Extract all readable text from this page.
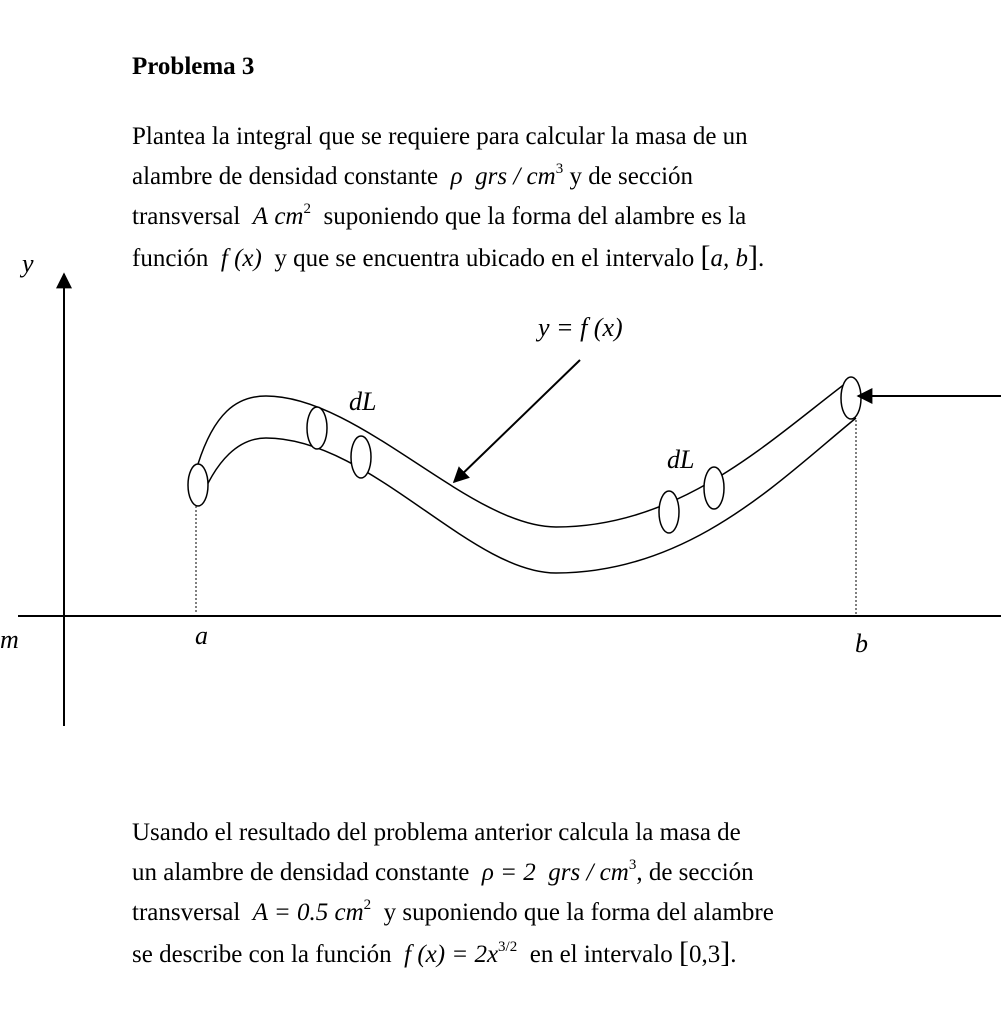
Problema 3
Plantea la integral que se requiere para calcular la masa de un
alambre de densidad constante ρ grs / $cm^3$ y de sección
transversal A $cm^2$ suponiendo que la forma del alambre es la
función f (x) y que se encuentra ubicado en el intervalo [a, b].
y
m	a	b
y = f (x)
dL
dL
Usando el resultado del problema anterior calcula la masa de
un alambre de densidad constante ρ = 2 grs / $cm^3$, de sección
transversal A = 0.5 $cm^2$ y suponiendo que la forma del alambre
se describe con la función f $(x) = 2x^{3/2}$ en el intervalo [0,3].
